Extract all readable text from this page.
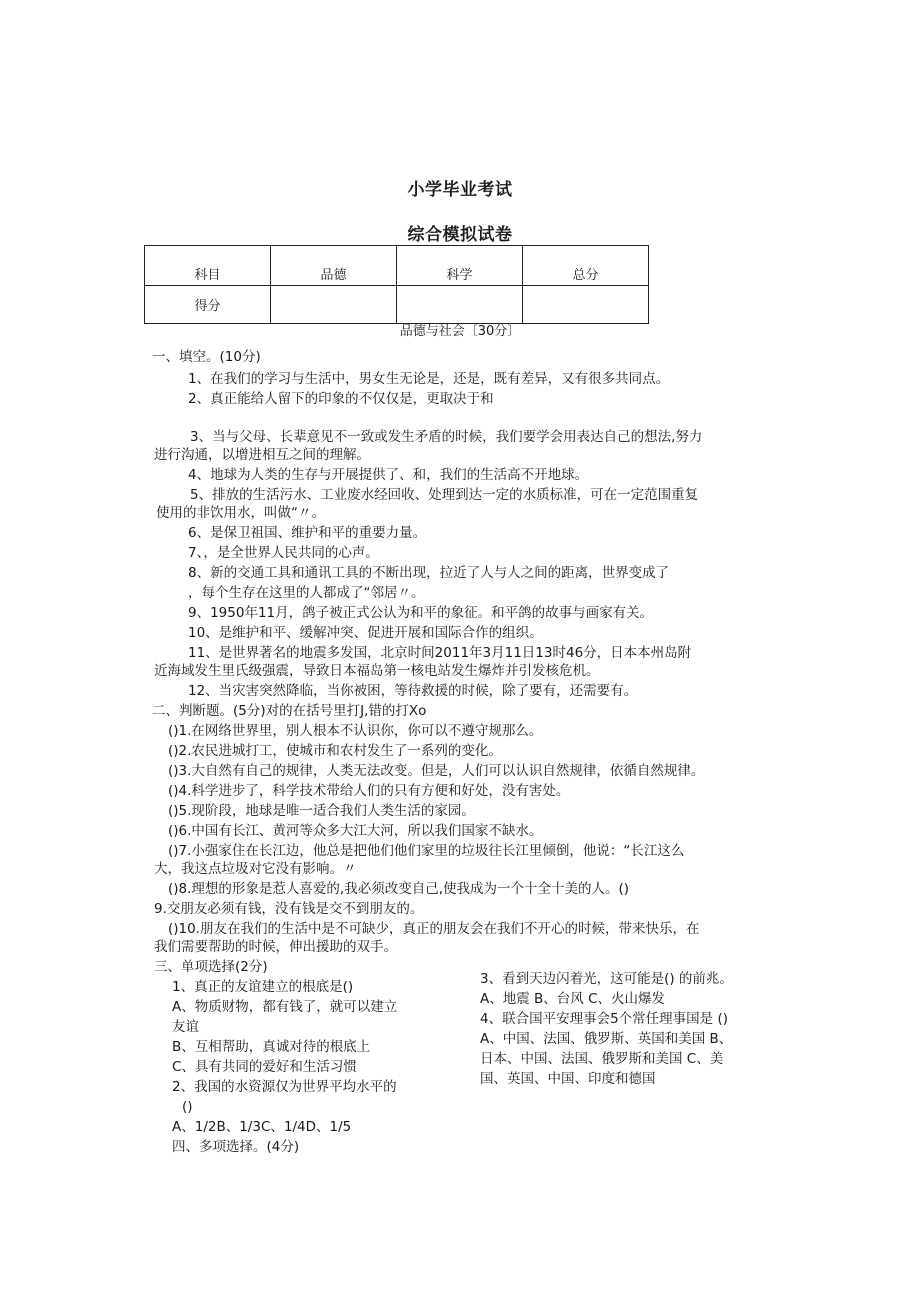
小学毕业考试
综合模拟试卷
科目	品德	科学	总分
得分			
品德与社会〔30分〕
一、填空。(10分)
1、在我们的学习与生活中，男女生无论是，还是，既有差异，又有很多共同点。
2、真正能给人留下的印象的不仅仅是，更取决于和
3、当与父母、长辈意见不一致或发生矛盾的时候，我们要学会用表达自己的想法,努力
进行沟通，以增进相互之间的理解。
4、地球为人类的生存与开展提供了、和，我们的生活高不开地球。
5、排放的生活污水、工业废水经回收、处理到达一定的水质标准，可在一定范围重复
使用的非饮用水，叫做“〃。
6、是保卫祖国、维护和平的重要力量。
7、，是全世界人民共同的心声。
8、新的交通工具和通讯工具的不断出现，拉近了人与人之间的距离，世界变成了
，每个生存在这里的人都成了“邻居〃。
9、1950年11月，鸽子被正式公认为和平的象征。和平鸽的故事与画家有关。
10、是维护和平、缓解冲突、促进开展和国际合作的组织。
11、是世界著名的地震多发国，北京时间2011年3月11日13时46分，日本本州岛附
近海域发生里氏级强震，导致日本福岛第一核电站发生爆炸并引发核危机。
12、当灾害突然降临，当你被困，等待救援的时候，除了要有，还需要有。
二、判断题。(5分)对的在括号里打J,错的打Xo
()1.在网络世界里，别人根本不认识你，你可以不遵守规那么。
()2.农民进城打工，使城市和农村发生了一系列的变化。
()3.大自然有自己的规律，人类无法改变。但是，人们可以认识自然规律，依循自然规律。
()4.科学进步了，科学技术带给人们的只有方便和好处，没有害处。
()5.现阶段，地球是唯一适合我们人类生活的家园。
()6.中国有长江、黄河等众多大江大河，所以我们国家不缺水。
()7.小强家住在长江边，他总是把他们他们家里的垃圾往长江里倾倒，他说：“长江这么
大，我这点垃圾对它没有影响。〃
()8.理想的形象是惹人喜爱的,我必须改变自己,使我成为一个十全十美的人。()
9.交朋友必须有钱，没有钱是交不到朋友的。
()10.朋友在我们的生活中是不可缺少，真正的朋友会在我们不开心的时候，带来快乐，在
我们需要帮助的时候，伸出援助的双手。
三、单项选择(2分)
1、真正的友谊建立的根底是()
A、物质财物，都有钱了，就可以建立
友谊
B、互相帮助，真诚对待的根底上
C、具有共同的爱好和生活习惯
2、我国的水资源仅为世界平均水平的
()
A、1/2B、1/3C、1/4D、1/5
3、看到天边闪着光，这可能是() 的前兆。
A、地震 B、台风 C、火山爆发
4、联合国平安理事会5个常任理事国是 ()
A、中国、法国、俄罗斯、英国和美国 B、
日本、中国、法国、俄罗斯和美国 C、美
国、英国、中国、印度和德国
四、多项选择。(4分)
